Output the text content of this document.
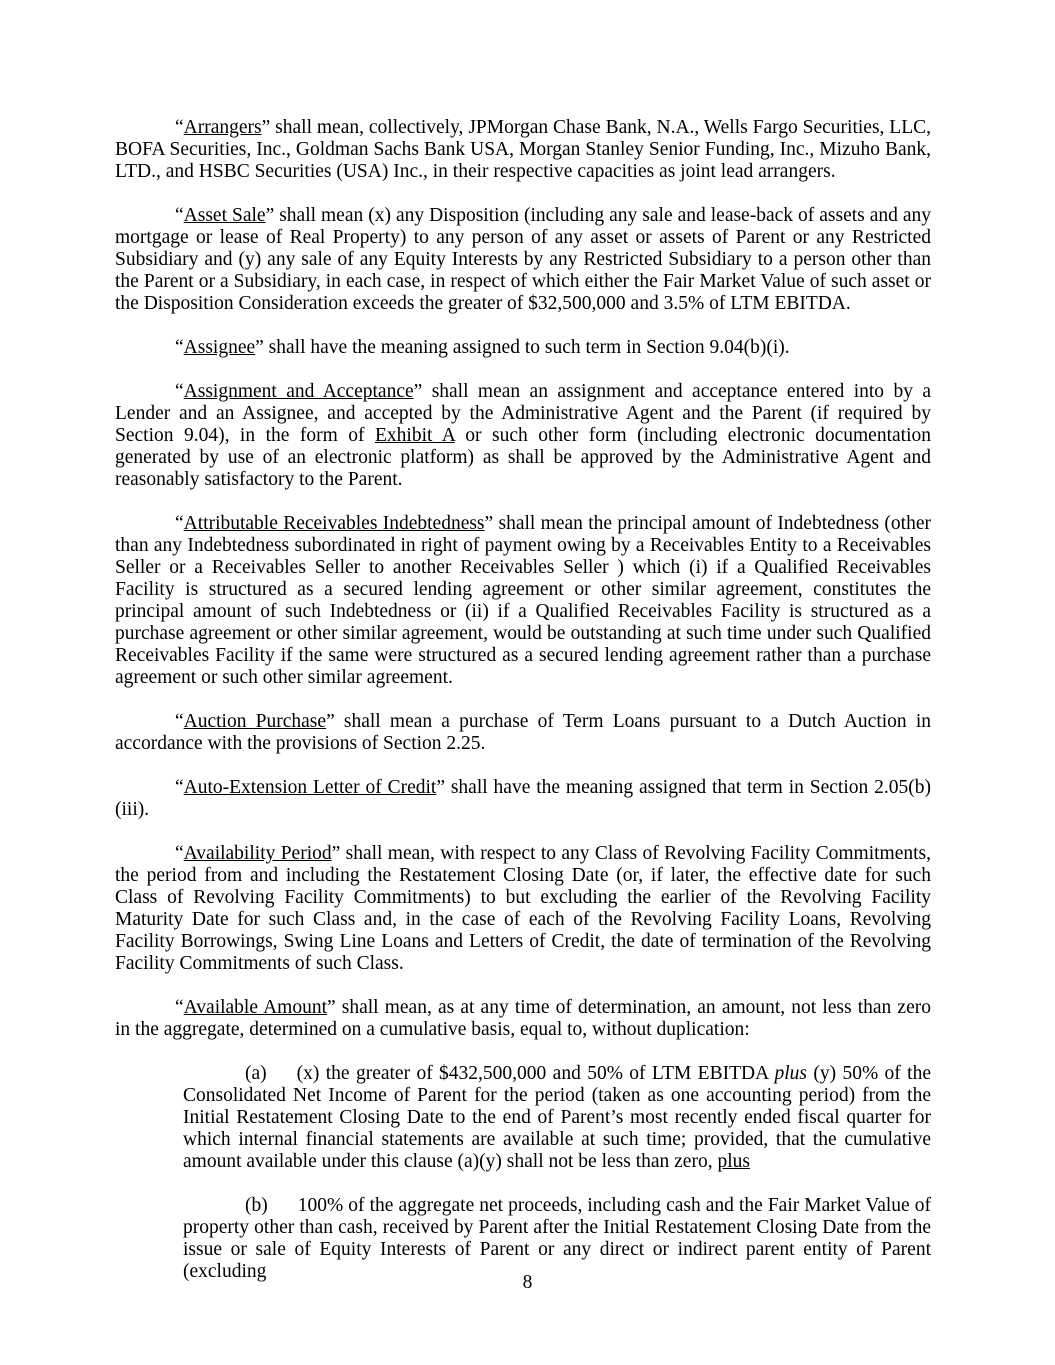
“Arrangers” shall mean, collectively, JPMorgan Chase Bank, N.A., Wells Fargo Securities, LLC, BOFA Securities, Inc., Goldman Sachs Bank USA, Morgan Stanley Senior Funding, Inc., Mizuho Bank, LTD., and HSBC Securities (USA) Inc., in their respective capacities as joint lead arrangers.

“Asset Sale” shall mean (x) any Disposition (including any sale and lease-back of assets and any mortgage or lease of Real Property) to any person of any asset or assets of Parent or any Restricted Subsidiary and (y) any sale of any Equity Interests by any Restricted Subsidiary to a person other than the Parent or a Subsidiary, in each case, in respect of which either the Fair Market Value of such asset or the Disposition Consideration exceeds the greater of $32,500,000 and 3.5% of LTM EBITDA.

“Assignee” shall have the meaning assigned to such term in Section 9.04(b)(i).

“Assignment and Acceptance” shall mean an assignment and acceptance entered into by a Lender and an Assignee, and accepted by the Administrative Agent and the Parent (if required by Section 9.04), in the form of Exhibit A or such other form (including electronic documentation generated by use of an electronic platform) as shall be approved by the Administrative Agent and reasonably satisfactory to the Parent.

“Attributable Receivables Indebtedness” shall mean the principal amount of Indebtedness (other than any Indebtedness subordinated in right of payment owing by a Receivables Entity to a Receivables Seller or a Receivables Seller to another Receivables Seller ) which (i) if a Qualified Receivables Facility is structured as a secured lending agreement or other similar agreement, constitutes the principal amount of such Indebtedness or (ii) if a Qualified Receivables Facility is structured as a purchase agreement or other similar agreement, would be outstanding at such time under such Qualified Receivables Facility if the same were structured as a secured lending agreement rather than a purchase agreement or such other similar agreement.

“Auction Purchase” shall mean a purchase of Term Loans pursuant to a Dutch Auction in accordance with the provisions of Section 2.25.

“Auto-Extension Letter of Credit” shall have the meaning assigned that term in Section 2.05(b)(iii).

“Availability Period” shall mean, with respect to any Class of Revolving Facility Commitments, the period from and including the Restatement Closing Date (or, if later, the effective date for such Class of Revolving Facility Commitments) to but excluding the earlier of the Revolving Facility Maturity Date for such Class and, in the case of each of the Revolving Facility Loans, Revolving Facility Borrowings, Swing Line Loans and Letters of Credit, the date of termination of the Revolving Facility Commitments of such Class.

“Available Amount” shall mean, as at any time of determination, an amount, not less than zero in the aggregate, determined on a cumulative basis, equal to, without duplication:

(a) (x) the greater of $432,500,000 and 50% of LTM EBITDA plus (y) 50% of the Consolidated Net Income of Parent for the period (taken as one accounting period) from the Initial Restatement Closing Date to the end of Parent’s most recently ended fiscal quarter for which internal financial statements are available at such time; provided, that the cumulative amount available under this clause (a)(y) shall not be less than zero, plus

(b) 100% of the aggregate net proceeds, including cash and the Fair Market Value of property other than cash, received by Parent after the Initial Restatement Closing Date from the issue or sale of Equity Interests of Parent or any direct or indirect parent entity of Parent (excluding

8
